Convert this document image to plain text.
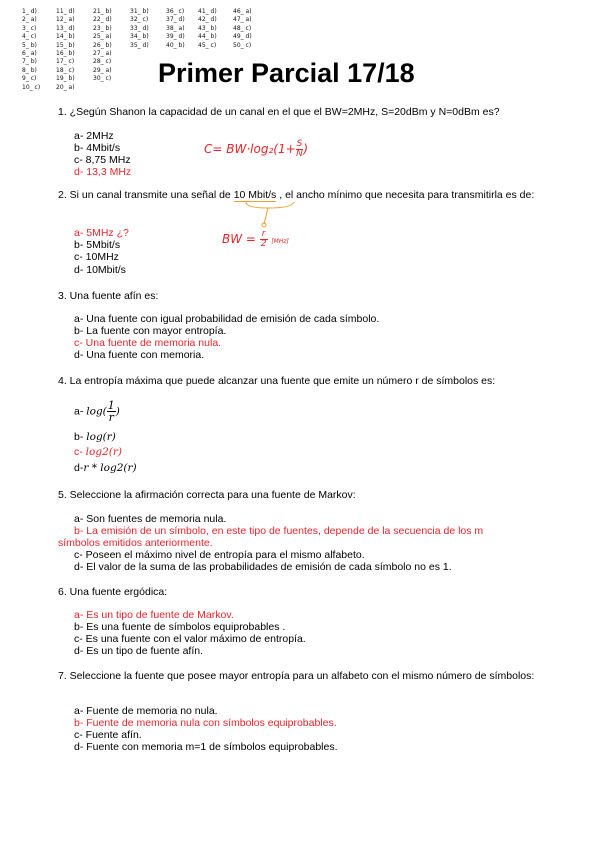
1_ d)
2_ a)
3_ c)
4_ c)
5_ b)
6_ a)
7_ b)
8_ b)
9_ c)
10_ c)
11_ d)
12_ a)
13_ d)
14_ b)
15_ b)
16_ b)
17_ c)
18_ c)
19_ b)
20_ a)
21_ b)
22_ d)
23_ b)
25_ a)
26_ b)
27_ a)
28_ c)
29_ a)
30_ c)
31_ b)
32_ c)
33_ d)
34_ b)
35_ d)
36_ c)
37_ d)
38_ a)
39_ d)
40_ b)
41_ d)
42_ d)
43_ b)
44_ b)
45_ c)
46_ a)
47_ a)
48_ c)
49_ d)
50_ c)
Primer Parcial 17/18
1. ¿Según Shanon la capacidad de un canal en el que el BW=2MHz, S=20dBm y N=0dBm es?
a- 2MHz
b- 4Mbit/s
c- 8,75 MHz
d- 13,3 MHz
$C= BW\cdot\log_2(1+ \frac{S}{N}$ )
2. Si un canal transmite una señal de 10 Mbit/s , el ancho mínimo que necesita para transmitirla es de:
a- 5MHz ¿?
b- 5Mbit/s
c- 10MHz
d- 10Mbit/s
BW = $\frac{r}{2} [MHz]$
3. Una fuente afín es:
a- Una fuente con igual probabilidad de emisión de cada símbolo.
b- La fuente con mayor entropía.
c- Una fuente de memoria nula.
d- Una fuente con memoria.
4. La entropía máxima que puede alcanzar una fuente que emite un número r de símbolos es:
a- $\log( \frac{1}{r}$ )
b- log(r)
c- log2(r)
d-r * log2(r)
5. Seleccione la afirmación correcta para una fuente de Markov:
a- Son fuentes de memoria nula.
b- La emisión de un símbolo, en este tipo de fuentes, depende de la secuencia de los m
símbolos emitidos anteriormente.
c- Poseen el máximo nivel de entropía para el mismo alfabeto.
d- El valor de la suma de las probabilidades de emisión de cada símbolo no es 1.
6. Una fuente ergódica:
a- Es un tipo de fuente de Markov.
b- Es una fuente de símbolos equiprobables .
c- Es una fuente con el valor máximo de entropía.
d- Es un tipo de fuente afín.
7. Seleccione la fuente que posee mayor entropía para un alfabeto con el mismo número de símbolos:
a- Fuente de memoria no nula.
b- Fuente de memoria nula con símbolos equiprobables.
c- Fuente afín.
d- Fuente con memoria m=1 de símbolos equiprobables.
